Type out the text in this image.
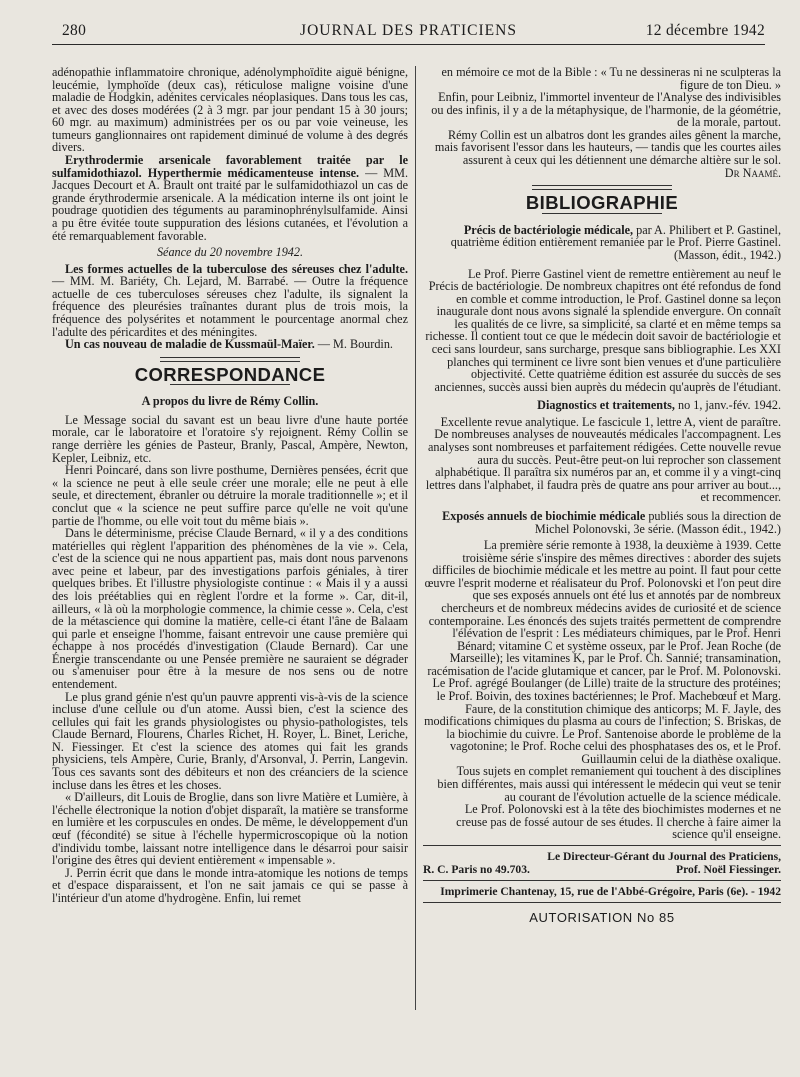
280	JOURNAL DES PRATICIENS	12 décembre 1942

adénopathie inflammatoire chronique, adénolymphoïdite aiguë bénigne, leucémie, lymphoïde (deux cas), réticulose maligne voisine d'une maladie de Hodgkin, adénites cervicales néoplasiques. Dans tous les cas, et avec des doses modérées (2 à 3 mgr. par jour pendant 15 à 30 jours; 60 mgr. au maximum) administrées per os ou par voie veineuse, les tumeurs ganglionnaires ont rapidement diminué de volume à des degrés divers.

Erythrodermie arsenicale favorablement traitée par le sulfamidothiazol. Hyperthermie médicamenteuse intense. — MM. Jacques Decourt et A. Brault ont traité par le sulfamidothiazol un cas de grande érythrodermie arsenicale. A la médication interne ils ont joint le poudrage quotidien des téguments au paraminophrénylsulfamide. Ainsi a pu être évitée toute suppuration des lésions cutanées, et l'évolution a été remarquablement favorable.

Séance du 20 novembre 1942.

Les formes actuelles de la tuberculose des séreuses chez l'adulte. — MM. M. Bariéty, Ch. Lejard, M. Barrabé. — Outre la fréquence actuelle de ces tuberculoses séreuses chez l'adulte, ils signalent la fréquence des pleurésies traînantes durant plus de trois mois, la fréquence des polysérites et notamment le pourcentage anormal chez l'adulte des péricardites et des méningites.

Un cas nouveau de maladie de Kussmaül-Maïer. — M. Bourdin.

CORRESPONDANCE
A propos du livre de Rémy Collin.

Le Message social du savant est un beau livre d'une haute portée morale, car le laboratoire et l'oratoire s'y rejoignent. Rémy Collin se range derrière les génies de Pasteur, Branly, Pascal, Ampère, Newton, Kepler, Leibniz, etc.

Henri Poincaré, dans son livre posthume, Dernières pensées, écrit que « la science ne peut à elle seule créer une morale; elle ne peut à elle seule, et directement, ébranler ou détruire la morale traditionnelle »; et il conclut que « la science ne peut suffire parce qu'elle ne voit qu'une partie de l'homme, ou elle voit tout du même biais ».

Dans le déterminisme, précise Claude Bernard, « il y a des conditions matérielles qui règlent l'apparition des phénomènes de la vie ». Cela, c'est de la science qui ne nous appartient pas, mais dont nous parvenons avec peine et labeur, par des investigations parfois géniales, à tirer quelques bribes. Et l'illustre physiologiste continue : « Mais il y a aussi des lois préétablies qui en règlent l'ordre et la forme ». Car, dit-il, ailleurs, « là où la morphologie commence, la chimie cesse ». Cela, c'est de la métascience qui domine la matière, celle-ci étant l'âne de Balaam qui parle et enseigne l'homme, faisant entrevoir une cause première qui échappe à nos procédés d'investigation (Claude Bernard). Car une Énergie transcendante ou une Pensée première ne sauraient se dégrader ou s'amenuiser pour être à la mesure de nos sens ou de notre entendement.

Le plus grand génie n'est qu'un pauvre apprenti vis-à-vis de la science incluse d'une cellule ou d'un atome. Aussi bien, c'est la science des cellules qui fait les grands physiologistes ou physio-pathologistes, tels Claude Bernard, Flourens, Charles Richet, H. Royer, L. Binet, Leriche, N. Fiessinger. Et c'est la science des atomes qui fait les grands physiciens, tels Ampère, Curie, Branly, d'Arsonval, J. Perrin, Langevin. Tous ces savants sont des débiteurs et non des créanciers de la science incluse dans les êtres et les choses.

« D'ailleurs, dit Louis de Broglie, dans son livre Matière et Lumière, à l'échelle électronique la notion d'objet disparaît, la matière se transforme en lumière et les corpuscules en ondes. De même, le développement d'un œuf (fécondité) se situe à l'échelle hypermicroscopique où la notion d'individu tombe, laissant notre intelligence dans le désarroi pour saisir l'origine des êtres qui devient entièrement « impensable ».

J. Perrin écrit que dans le monde intra-atomique les notions de temps et d'espace disparaissent, et l'on ne sait jamais ce qui se passe à l'intérieur d'un atome d'hydrogène. Enfin, lui remet

en mémoire ce mot de la Bible : « Tu ne dessineras ni ne sculpteras la figure de ton Dieu. »

Enfin, pour Leibniz, l'immortel inventeur de l'Analyse des indivisibles ou des infinis, il y a de la métaphysique, de l'harmonie, de la géométrie, de la morale, partout.

Rémy Collin est un albatros dont les grandes ailes gênent la marche, mais favorisent l'essor dans les hauteurs, — tandis que les courtes ailes assurent à ceux qui les détiennent une démarche altière sur le sol.

Dr Naamé.

BIBLIOGRAPHIE

Précis de bactériologie médicale, par A. Philibert et P. Gastinel, quatrième édition entièrement remaniée par le Prof. Pierre Gastinel. (Masson, édit., 1942.)

Le Prof. Pierre Gastinel vient de remettre entièrement au neuf le Précis de bactériologie. De nombreux chapitres ont été refondus de fond en comble et comme introduction, le Prof. Gastinel donne sa leçon inaugurale dont nous avons signalé la splendide envergure. On connaît les qualités de ce livre, sa simplicité, sa clarté et en même temps sa richesse. Il contient tout ce que le médecin doit savoir de bactériologie et ceci sans lourdeur, sans surcharge, presque sans bibliographie. Les XXI planches qui terminent ce livre sont bien venues et d'une particulière objectivité. Cette quatrième édition est assurée du succès de ses anciennes, succès aussi bien auprès du médecin qu'auprès de l'étudiant.

Diagnostics et traitements, no 1, janv.-fév. 1942.

Excellente revue analytique. Le fascicule 1, lettre A, vient de paraître. De nombreuses analyses de nouveautés médicales l'accompagnent. Les analyses sont nombreuses et parfaitement rédigées. Cette nouvelle revue aura du succès. Peut-être peut-on lui reprocher son classement alphabétique. Il paraîtra six numéros par an, et comme il y a vingt-cinq lettres dans l'alphabet, il faudra près de quatre ans pour arriver au bout..., et recommencer.

Exposés annuels de biochimie médicale publiés sous la direction de Michel Polonovski, 3e série. (Masson édit., 1942.)

La première série remonte à 1938, la deuxième à 1939. Cette troisième série s'inspire des mêmes directives : aborder des sujets difficiles de biochimie médicale et les mettre au point. Il faut pour cette œuvre l'esprit moderne et réalisateur du Prof. Polonovski et l'on peut dire que ses exposés annuels ont été lus et annotés par de nombreux chercheurs et de nombreux médecins avides de curiosité et de science contemporaine. Les énoncés des sujets traités permettent de comprendre l'élévation de l'esprit : Les médiateurs chimiques, par le Prof. Henri Bénard; vitamine C et système osseux, par le Prof. Jean Roche (de Marseille); les vitamines K, par le Prof. Ch. Sannié; transamination, racémisation de l'acide glutamique et cancer, par le Prof. M. Polonovski. Le Prof. agrégé Boulanger (de Lille) traite de la structure des protéines; le Prof. Boivin, des toxines bactériennes; le Prof. Machebœuf et Marg. Faure, de la constitution chimique des anticorps; M. F. Jayle, des modifications chimiques du plasma au cours de l'infection; S. Briskas, de la biochimie du cuivre. Le Prof. Santenoise aborde le problème de la vagotonine; le Prof. Roche celui des phosphatases des os, et le Prof. Guillaumin celui de la diathèse oxalique.

Tous sujets en complet remaniement qui touchent à des disciplines bien différentes, mais aussi qui intéressent le médecin qui veut se tenir au courant de l'évolution actuelle de la science médicale.

Le Prof. Polonovski est à la tête des biochimistes modernes et ne creuse pas de fossé autour de ses études. Il cherche à faire aimer la science qu'il enseigne.

Le Directeur-Gérant du Journal des Praticiens,
R. C. Paris no 49.703.	Prof. Noël Fiessinger.
Imprimerie Chantenay, 15, rue de l'Abbé-Grégoire, Paris (6e). - 1942
AUTORISATION No 85
